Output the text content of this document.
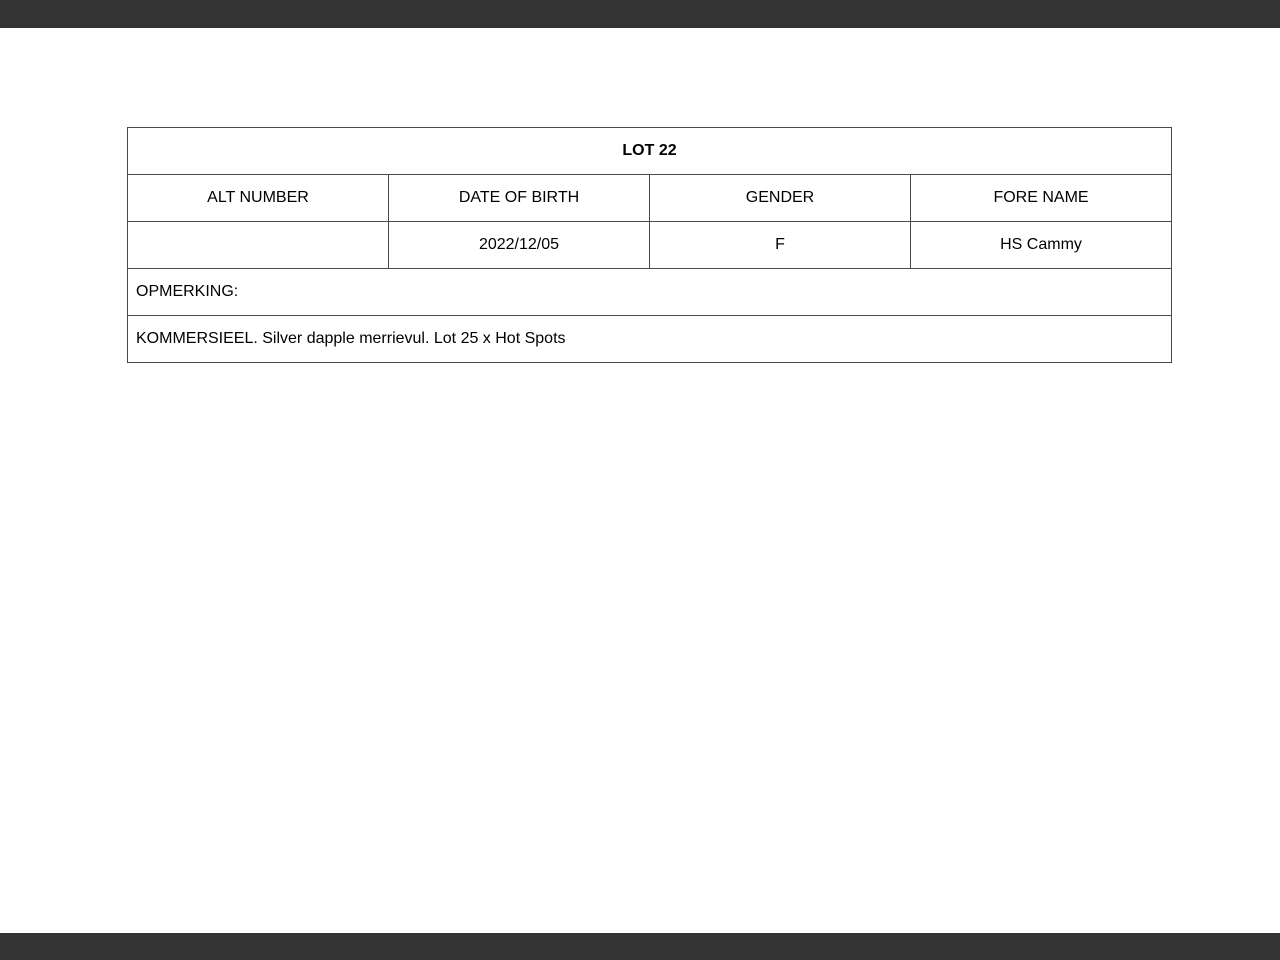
LOT 22			
ALT NUMBER	DATE OF BIRTH	GENDER	FORE NAME
	2022/12/05	F	HS Cammy
OPMERKING:			
KOMMERSIEEL. Silver dapple merrievul. Lot 25 x Hot Spots			
